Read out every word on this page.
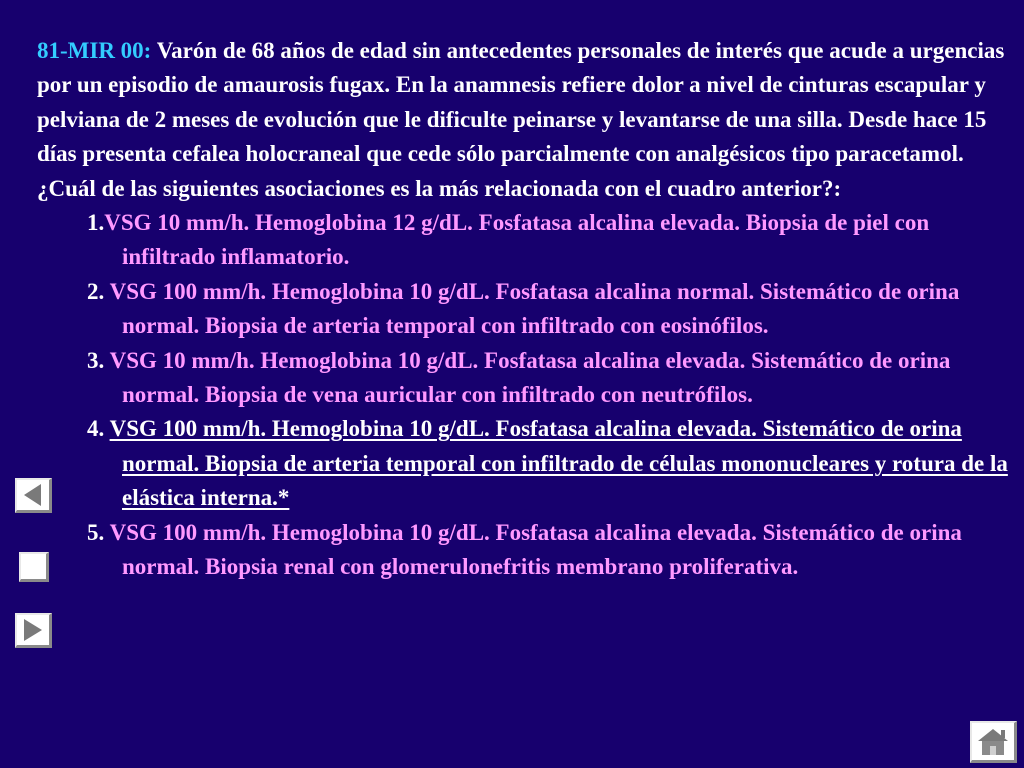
81-MIR 00: Varón de 68 años de edad sin antecedentes personales de interés que acude a urgencias por un episodio de amaurosis fugax. En la anamnesis refiere dolor a nivel de cinturas escapular y pelviana de 2 meses de evolución que le dificulte peinarse y levantarse de una silla. Desde hace 15 días presenta cefalea holocraneal que cede sólo parcialmente con analgésicos tipo paracetamol. ¿Cuál de las siguientes asociaciones es la más relacionada con el cuadro anterior?:

1.VSG 10 mm/h. Hemoglobina 12 g/dL. Fosfatasa alcalina elevada. Biopsia de piel con infiltrado inflamatorio.
2. VSG 100 mm/h. Hemoglobina 10 g/dL. Fosfatasa alcalina normal. Sistemático de orina normal. Biopsia de arteria temporal con infiltrado con eosinófilos.
3. VSG 10 mm/h. Hemoglobina 10 g/dL. Fosfatasa alcalina elevada. Sistemático de orina normal. Biopsia de vena auricular con infiltrado con neutrófilos.
4. VSG 100 mm/h. Hemoglobina 10 g/dL. Fosfatasa alcalina elevada. Sistemático de orina normal. Biopsia de arteria temporal con infiltrado de células mononucleares y rotura de la elástica interna.*
5. VSG 100 mm/h. Hemoglobina 10 g/dL. Fosfatasa alcalina elevada. Sistemático de orina normal. Biopsia renal con glomerulonefritis membrano proliferativa.
